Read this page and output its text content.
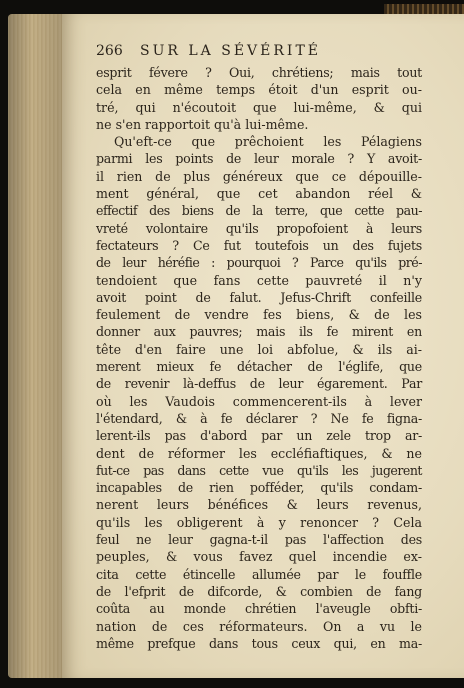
266 SUR LA SÉVÉRITÉ

esprit févere ? Oui, chrétiens; mais tout
cela en même temps étoit d'un esprit ou-
tré, qui n'écoutoit que lui-même, & qui
ne s'en rapportoit qu'à lui-même.

Qu'eft-ce que prêchoient les Pélagiens
parmi les points de leur morale ? Y avoit-
il rien de plus généreux que ce dépouille-
ment général, que cet abandon réel &
effectif des biens de la terre, que cette pau-
vreté volontaire qu'ils propofoient à leurs
fectateurs ? Ce fut toutefois un des fujets
de leur héréfie : pourquoi ? Parce qu'ils pré-
tendoient que fans cette pauvreté il n'y
avoit point de falut. Jefus-Chrift confeille
feulement de vendre fes biens, & de les
donner aux pauvres; mais ils fe mirent en
tête d'en faire une loi abfolue, & ils ai-
merent mieux fe détacher de l'églife, que
de revenir là-deffus de leur égarement. Par
où les Vaudois commencerent-ils à lever
l'étendard, & à fe déclarer ? Ne fe figna-
lerent-ils pas d'abord par un zele trop ar-
dent de réformer les eccléfiaftiques, & ne
fut-ce pas dans cette vue qu'ils les jugerent
incapables de rien pofféder, qu'ils condam-
nerent leurs bénéfices & leurs revenus,
qu'ils les obligerent à y renoncer ? Cela
feul ne leur gagna-t-il pas l'affection des
peuples, & vous favez quel incendie ex-
cita cette étincelle allumée par le fouffle
de l'efprit de difcorde, & combien de fang
coûta au monde chrétien l'aveugle obfti-
nation de ces réformateurs. On a vu le
même prefque dans tous ceux qui, en ma-
